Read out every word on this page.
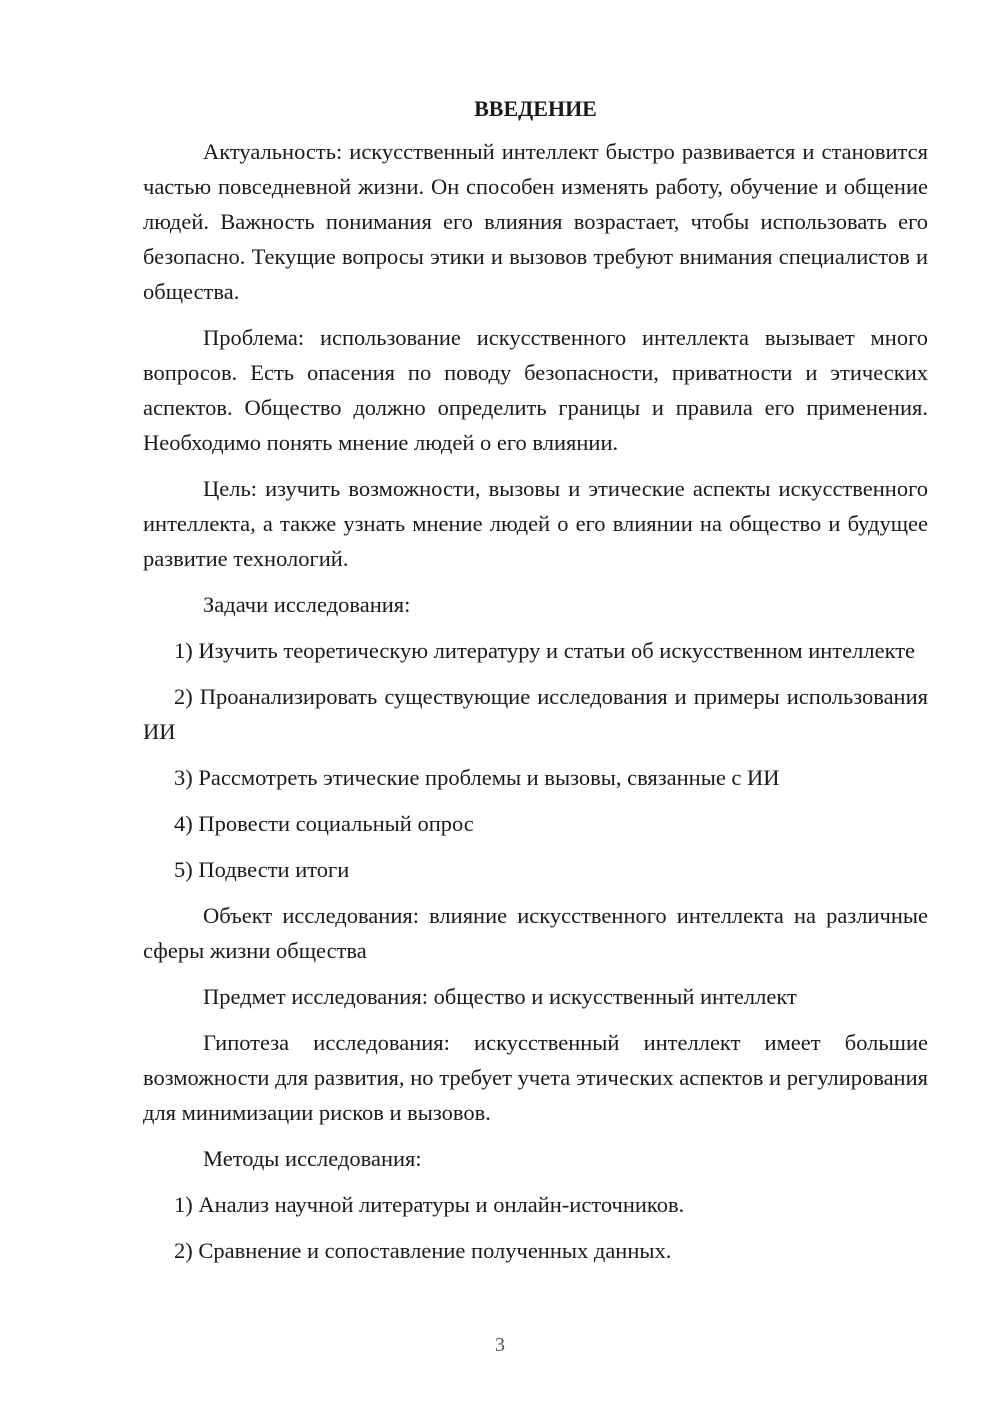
ВВЕДЕНИЕ

Актуальность: искусственный интеллект быстро развивается и становится частью повседневной жизни. Он способен изменять работу, обучение и общение людей. Важность понимания его влияния возрастает, чтобы использовать его безопасно. Текущие вопросы этики и вызовов требуют внимания специалистов и общества.

Проблема: использование искусственного интеллекта вызывает много вопросов. Есть опасения по поводу безопасности, приватности и этических аспектов. Общество должно определить границы и правила его применения. Необходимо понять мнение людей о его влиянии.

Цель: изучить возможности, вызовы и этические аспекты искусственного интеллекта, а также узнать мнение людей о его влиянии на общество и будущее развитие технологий.

Задачи исследования:

1) Изучить теоретическую литературу и статьи об искусственном интеллекте

2) Проанализировать существующие исследования и примеры использования ИИ

3) Рассмотреть этические проблемы и вызовы, связанные с ИИ

4) Провести социальный опрос

5) Подвести итоги

Объект исследования: влияние искусственного интеллекта на различные сферы жизни общества

Предмет исследования: общество и искусственный интеллект

Гипотеза исследования: искусственный интеллект имеет большие возможности для развития, но требует учета этических аспектов и регулирования для минимизации рисков и вызовов.

Методы исследования:

1) Анализ научной литературы и онлайн-источников.

2) Сравнение и сопоставление полученных данных.

3
